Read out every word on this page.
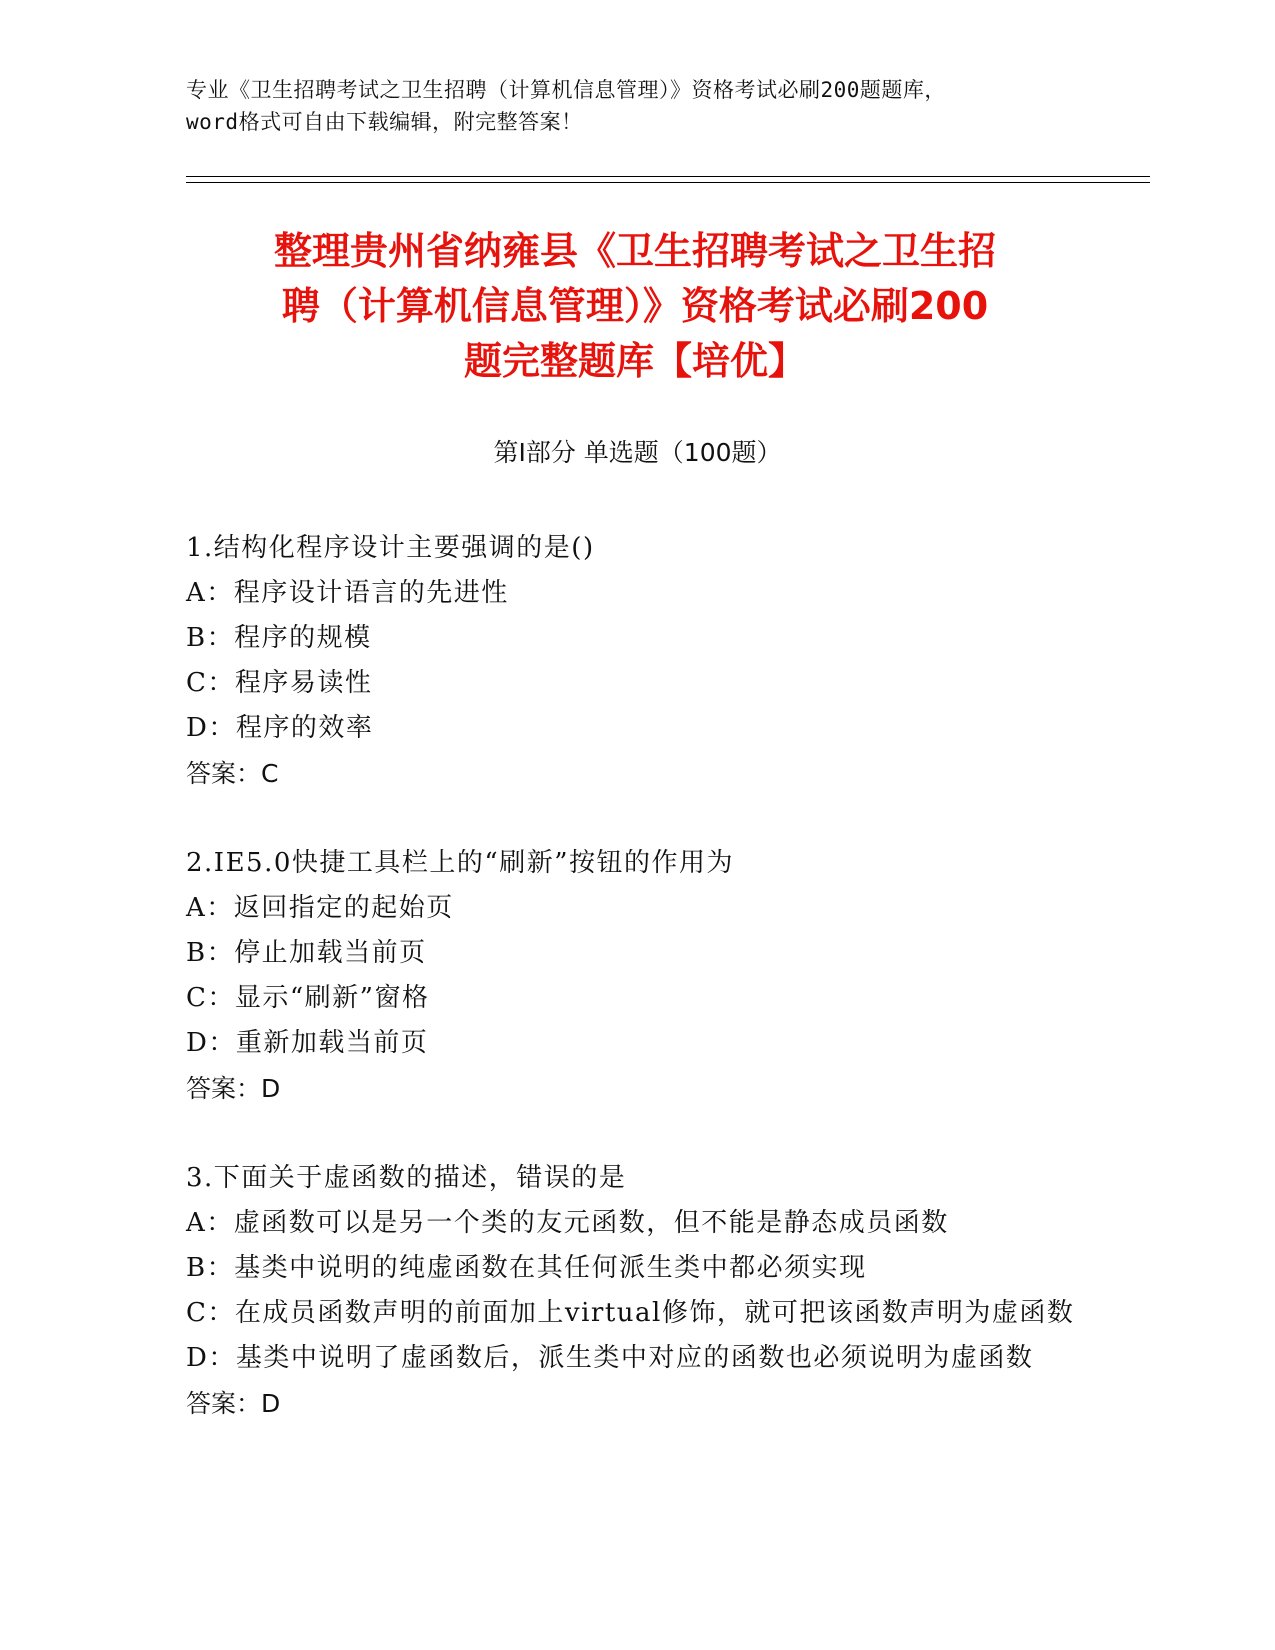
专业《卫生招聘考试之卫生招聘（计算机信息管理）》资格考试必刷200题题库，
word格式可自由下载编辑，附完整答案！
整理贵州省纳雍县《卫生招聘考试之卫生招
聘（计算机信息管理）》资格考试必刷200
题完整题库【培优】
第Ⅰ部分 单选题（100题）
1.结构化程序设计主要强调的是()
A：程序设计语言的先进性
B：程序的规模
C：程序易读性
D：程序的效率
答案：C
2.IE5.0快捷工具栏上的“刷新”按钮的作用为
A：返回指定的起始页
B：停止加载当前页
C：显示“刷新”窗格
D：重新加载当前页
答案：D
3.下面关于虚函数的描述，错误的是
A：虚函数可以是另一个类的友元函数，但不能是静态成员函数
B：基类中说明的纯虚函数在其任何派生类中都必须实现
C：在成员函数声明的前面加上virtual修饰，就可把该函数声明为虚函数
D：基类中说明了虚函数后，派生类中对应的函数也必须说明为虚函数
答案：D
